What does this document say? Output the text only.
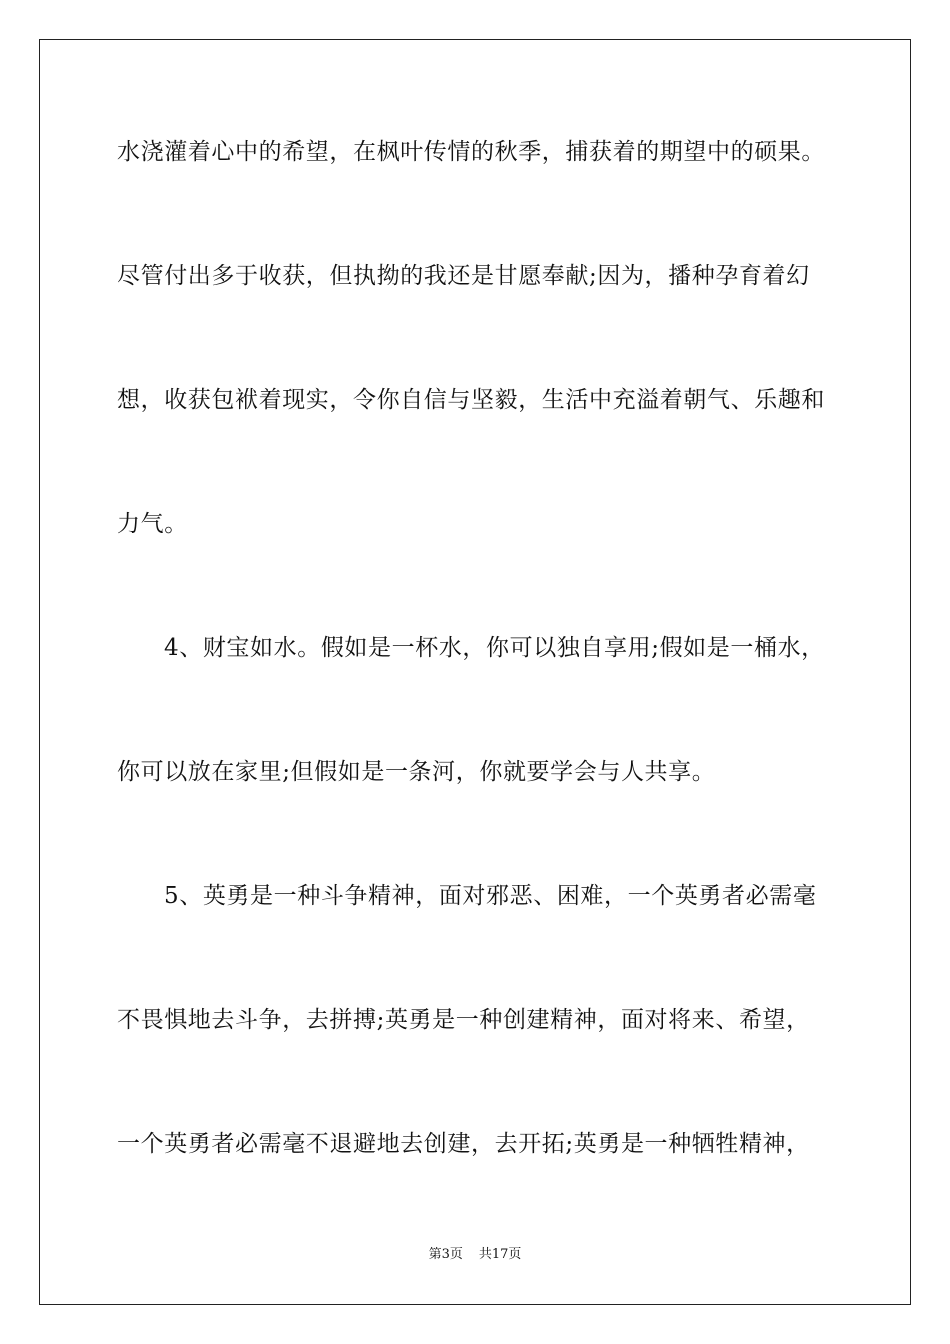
水浇灌着心中的希望，在枫叶传情的秋季，捕获着的期望中的硕果。
尽管付出多于收获，但执拗的我还是甘愿奉献;因为，播种孕育着幻
想，收获包袱着现实，令你自信与坚毅，生活中充溢着朝气、乐趣和
力气。
4、财宝如水。假如是一杯水，你可以独自享用;假如是一桶水，
你可以放在家里;但假如是一条河，你就要学会与人共享。
5、英勇是一种斗争精神，面对邪恶、困难，一个英勇者必需毫
不畏惧地去斗争，去拼搏;英勇是一种创建精神，面对将来、希望，
一个英勇者必需毫不退避地去创建，去开拓;英勇是一种牺牲精神，
第3页 共17页
